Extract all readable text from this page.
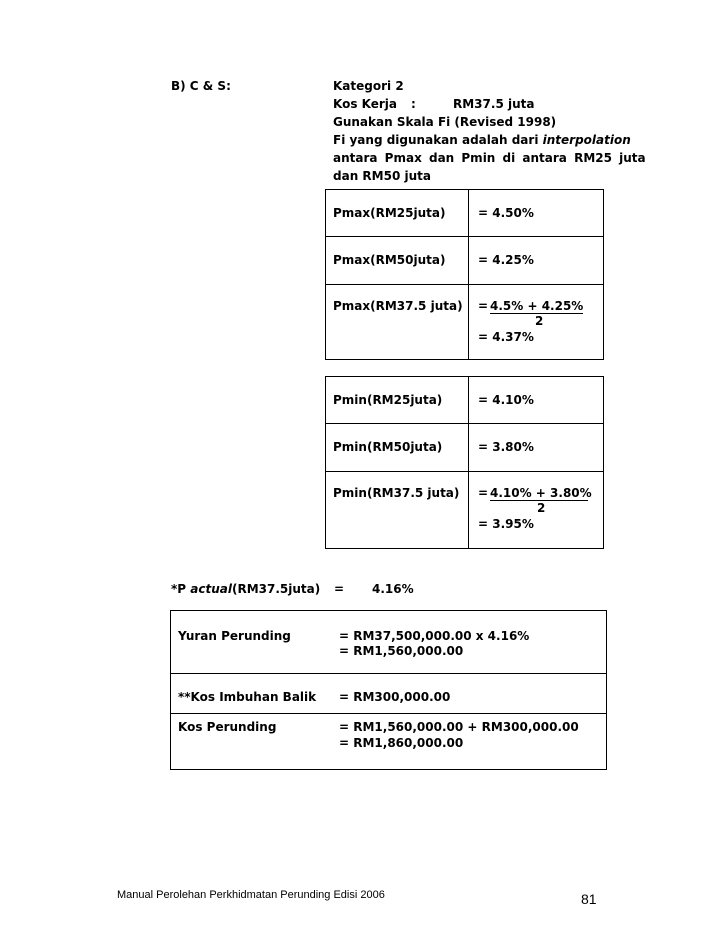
B) C & S:	Kategori 2
Kos Kerja :	RM37.5 juta
Gunakan Skala Fi (Revised 1998)
Fi yang digunakan adalah dari interpolation
antara Pmax dan Pmin di antara RM25 juta
dan RM50 juta
Pmax(RM25juta)	= 4.50%
Pmax(RM50juta)	= 4.25%
Pmax(RM37.5 juta) = 4.5% + 4.25%
2
= 4.37%
Pmin(RM25juta)	= 4.10%
Pmin(RM50juta)	= 3.80%
Pmin(RM37.5 juta) = 4.10% + 3.80%
2
= 3.95%
*P actual(RM37.5juta) = 4.16%
Yuran Perunding	= RM37,500,000.00 x 4.16%
= RM1,560,000.00
**Kos Imbuhan Balik = RM300,000.00
Kos Perunding	= RM1,560,000.00 + RM300,000.00
= RM1,860,000.00
Manual Perolehan Perkhidmatan Perunding Edisi 2006	81
